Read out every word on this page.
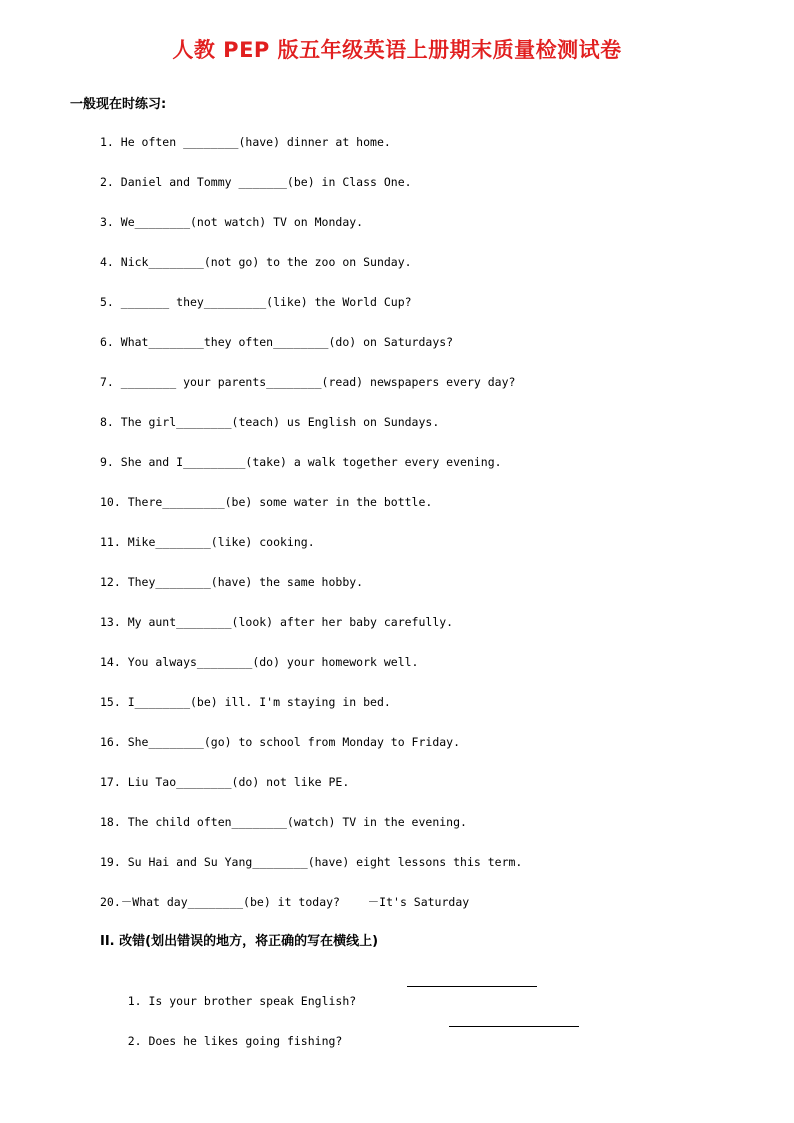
人教 PEP 版五年级英语上册期末质量检测试卷
一般现在时练习:
1. He often ________(have) dinner at home.
2. Daniel and Tommy _______(be) in Class One.
3. We________(not watch) TV on Monday.
4. Nick________(not go) to the zoo on Sunday.
5. _______ they_________(like) the World Cup?
6. What________they often________(do) on Saturdays?
7. ________ your parents________(read) newspapers every day?
8. The girl________(teach) us English on Sundays.
9. She and I_________(take) a walk together every evening.
10. There_________(be) some water in the bottle.
11. Mike________(like) cooking.
12. They________(have) the same hobby.
13. My aunt________(look) after her baby carefully.
14. You always________(do) your homework well.
15. I________(be) ill. I'm staying in bed.
16. She________(go) to school from Monday to Friday.
17. Liu Tao________(do) not like PE.
18. The child often________(watch) TV in the evening.
19. Su Hai and Su Yang________(have) eight lessons this term.
20.－What day________(be) it today?    －It's Saturday
II. 改错(划出错误的地方，将正确的写在横线上)

1. Is your brother speak English?

2. Does he likes going fishing?
